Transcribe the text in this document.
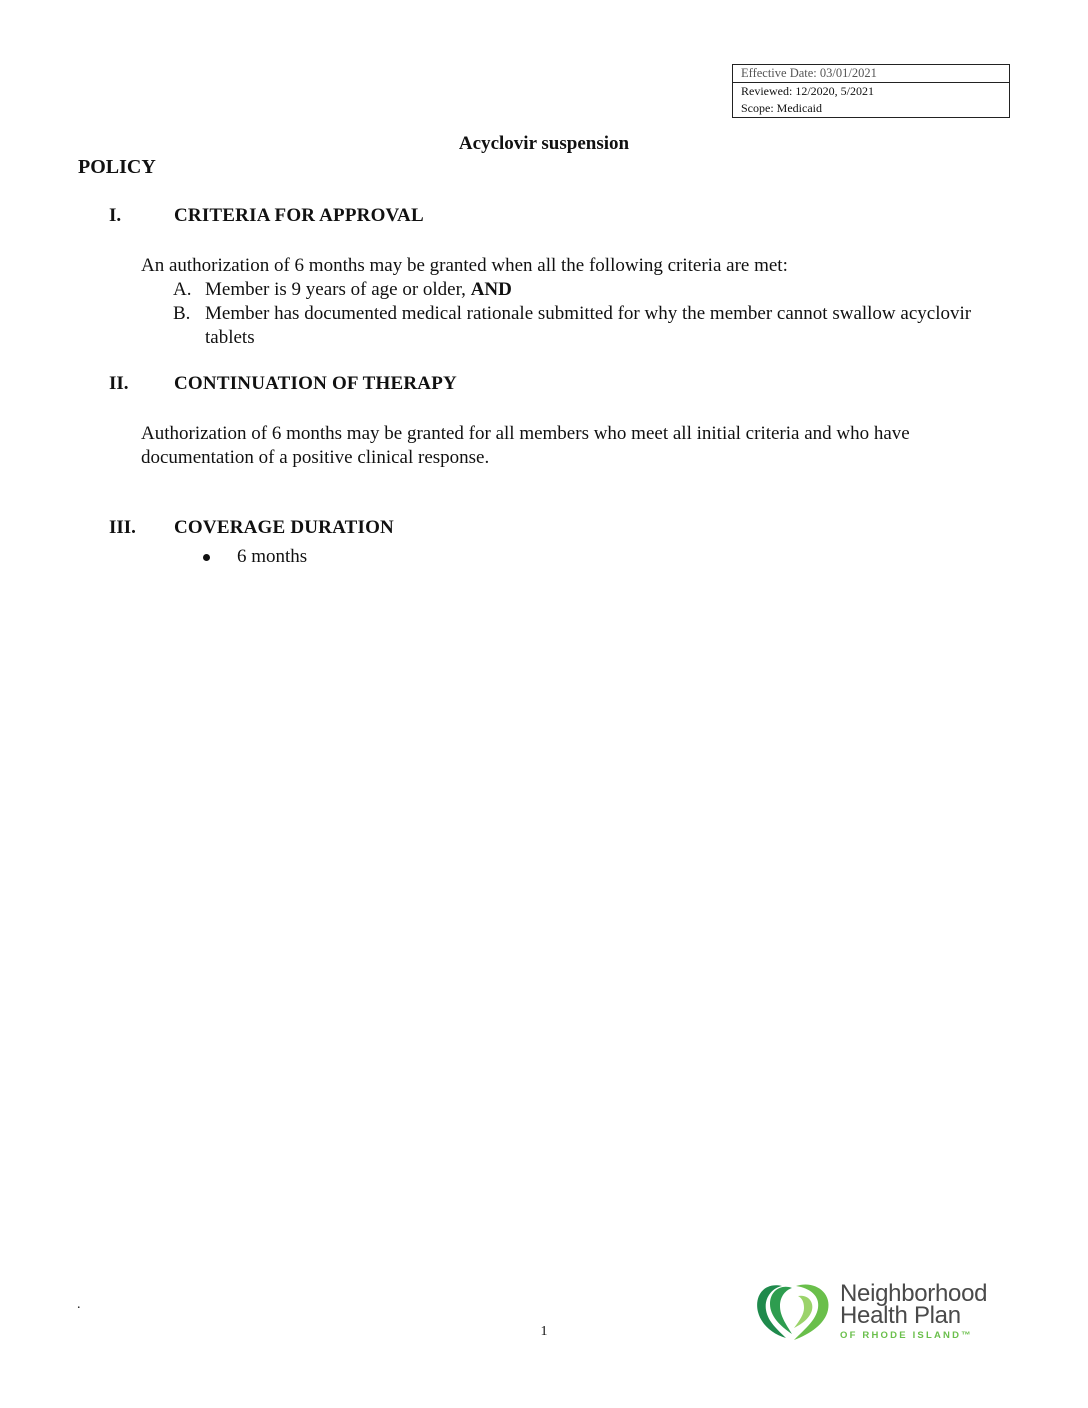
Effective Date: 03/01/2021
Reviewed: 12/2020, 5/2021
Scope: Medicaid
Acyclovir suspension
POLICY
I.	CRITERIA FOR APPROVAL
An authorization of 6 months may be granted when all the following criteria are met:
A. Member is 9 years of age or older, AND
B. Member has documented medical rationale submitted for why the member cannot swallow acyclovir tablets
II. CONTINUATION OF THERAPY
Authorization of 6 months may be granted for all members who meet all initial criteria and who have documentation of a positive clinical response.
III. COVERAGE DURATION
6 months
.
1
Neighborhood
Health Plan
OF RHODE ISLAND™
